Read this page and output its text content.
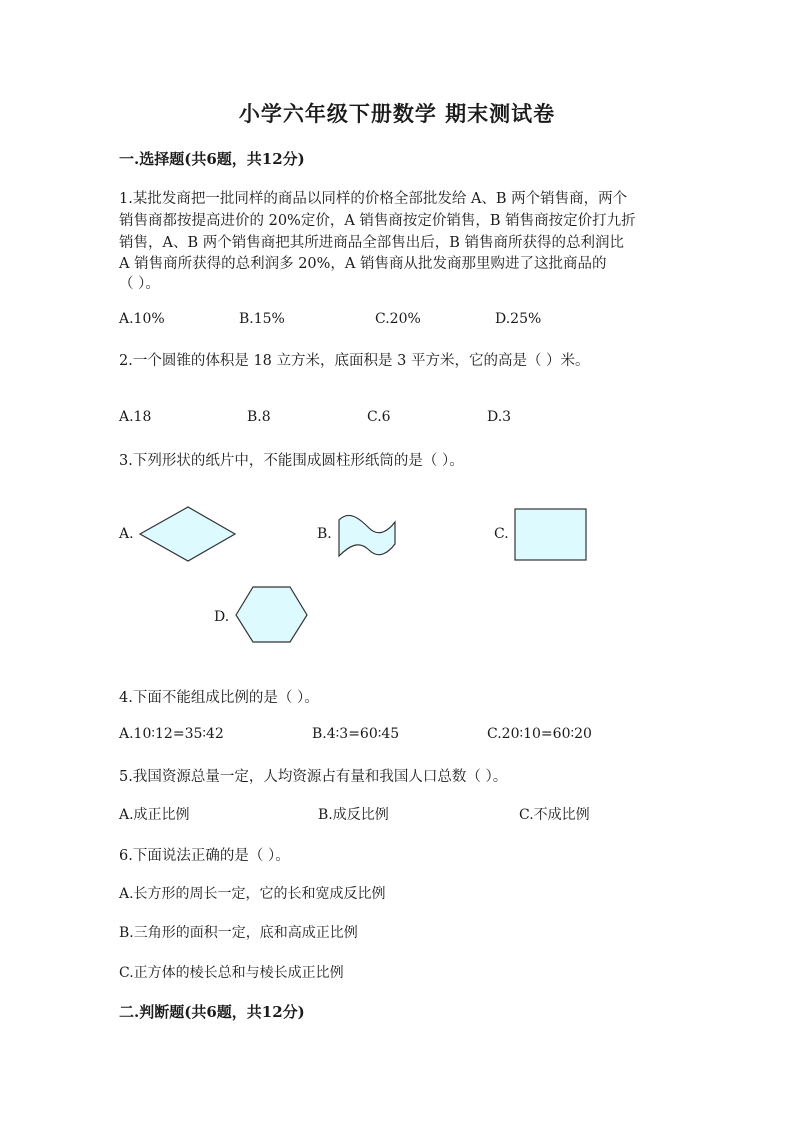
小学六年级下册数学 期末测试卷
一.选择题(共6题，共12分)
1.某批发商把一批同样的商品以同样的价格全部批发给 A、B 两个销售商，两个
销售商都按提高进价的 20%定价，A 销售商按定价销售，B 销售商按定价打九折
销售，A、B 两个销售商把其所进商品全部售出后，B 销售商所获得的总利润比
A 销售商所获得的总利润多 20%，A 销售商从批发商那里购进了这批商品的
（ ）。
A.10%	B.15%	C.20%	D.25%
2.一个圆锥的体积是 18 立方米，底面积是 3 平方米，它的高是（ ）米。
A.18	B.8	C.6	D.3
3.下列形状的纸片中，不能围成圆柱形纸筒的是（ ）。
A.	B.	C.
D.
4.下面不能组成比例的是（ ）。
A.10∶12=35∶42	B.4∶3=60∶45	C.20∶10=60∶20
5.我国资源总量一定，人均资源占有量和我国人口总数（ ）。
A.成正比例	B.成反比例	C.不成比例
6.下面说法正确的是（ ）。
A.长方形的周长一定，它的长和宽成反比例
B.三角形的面积一定，底和高成正比例
C.正方体的棱长总和与棱长成正比例
二.判断题(共6题，共12分)
